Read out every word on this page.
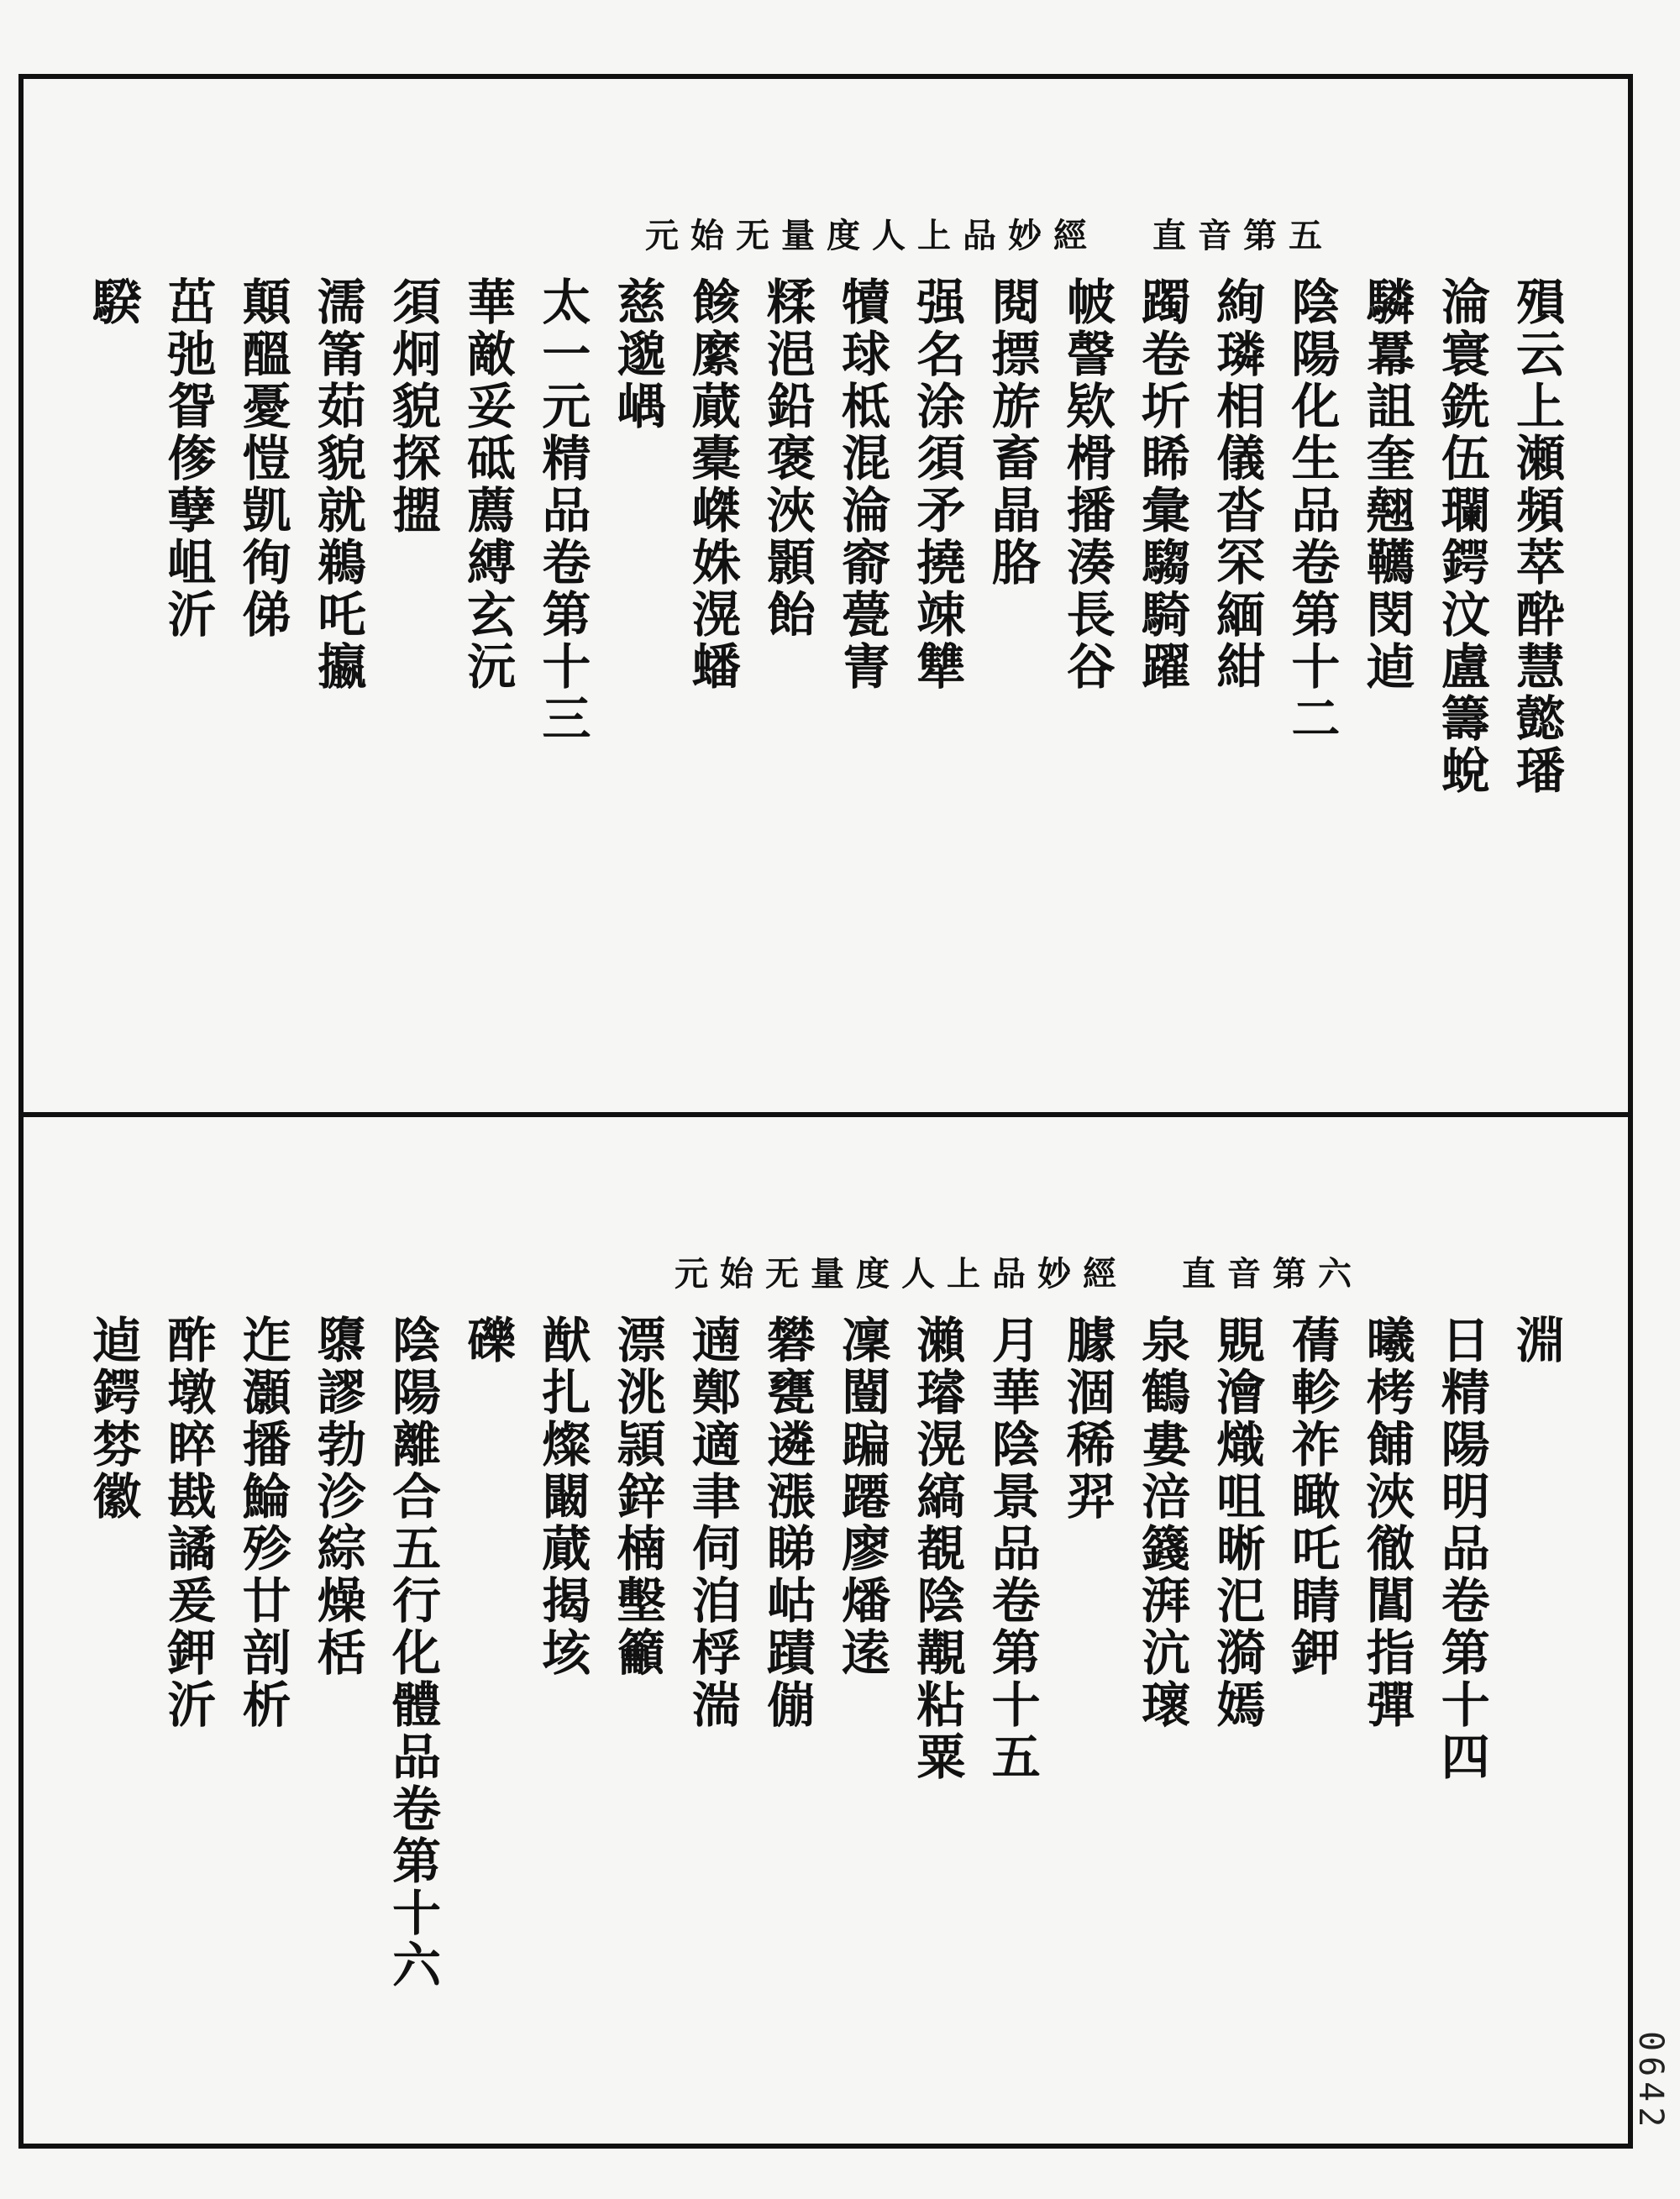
元始无量度人上品妙經 直音第五
殞云上瀬頻萃酔慧懿璠
淪寰銑伍瓓鍔汶盧籌蛻
驎羃詛奎翹韉閔逌
陰陽化生品卷第十二
絢璘相儀沓罙緬紺
躅卷圻睎彙騶騎躍
帔謦欵榾播湊長谷
閱摽旂畜晶胳
强名涂須矛撓竦犨
犢球柢混淪窬甍寈
糅浥鉛褒浹顥飴
餩縻蕆橐嵥姝滉蟠
慈邈嵎
太一元精品卷第十三
華敵妥砥薦縛玄沅
須炯貌探擝
濡筩茹貌就鵜吒攍
顛醞憂愷凱徇俤
茁弛眢偧孽岨沂
騤
元始无量度人上品妙經 直音第六
淵
日精陽明品卷第十四
曦栲餔浹徹閶指彈
蒨軫祚瞰吒睛鉀
覞澮熾咀晰汜漪嫣
泉鶴婁涪籛湃沆瓌
臄涸稀羿
月華陰景品卷第十五
瀨璿滉縞覩陰覯粘粟
凜闓蹁蹮廖燔逺
礬甕遴漲睇岵蹟傰
遖鄭適聿伺洎桴湍
漂洮頴鋅楠墼籲
猷扎燦闞蕆揭垓
礫
陰陽離合五行化體品卷第十六
隳謬勃沴綜燥栝
迮灝播鯩殄廿剖析
酢墩睟戡譎爰鉀沂
逌鍔棼徽
0642
